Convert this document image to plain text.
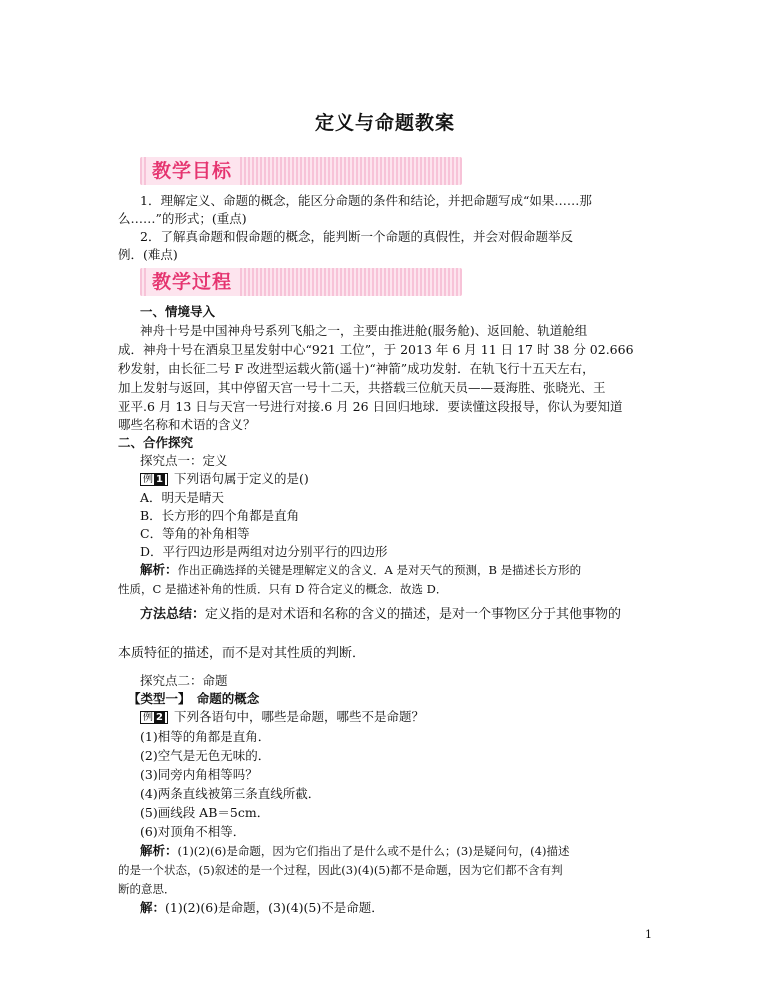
定义与命题教案
教学目标
1．理解定义、命题的概念，能区分命题的条件和结论，并把命题写成“如果……那
么……”的形式；(重点)
2．了解真命题和假命题的概念，能判断一个命题的真假性，并会对假命题举反
例．(难点)
教学过程
一、情境导入
神舟十号是中国神舟号系列飞船之一，主要由推进舱(服务舱)、返回舱、轨道舱组
成．神舟十号在酒泉卫星发射中心“921 工位”，于 2013 年 6 月 11 日 17 时 38 分 02.666
秒发射，由长征二号 F 改进型运载火箭(遥十)“神箭”成功发射．在轨飞行十五天左右，
加上发射与返回，其中停留天宫一号十二天，共搭载三位航天员——聂海胜、张晓光、王
亚平.6 月 13 日与天宫一号进行对接.6 月 26 日回归地球．要读懂这段报导，你认为要知道
哪些名称和术语的含义？
二、合作探究
探究点一：定义
例 1 下列语句属于定义的是()
A．明天是晴天
B．长方形的四个角都是直角
C．等角的补角相等
D．平行四边形是两组对边分别平行的四边形
解析：作出正确选择的关键是理解定义的含义．A 是对天气的预测，B 是描述长方形的
性质，C 是描述补角的性质．只有 D 符合定义的概念．故选 D．
方法总结：定义指的是对术语和名称的含义的描述，是对一个事物区分于其他事物的
本质特征的描述，而不是对其性质的判断．
探究点二：命题
【类型一】　命题的概念
例 2 下列各语句中，哪些是命题，哪些不是命题？
(1)相等的角都是直角．
(2)空气是无色无味的．
(3)同旁内角相等吗？
(4)两条直线被第三条直线所截．
(5)画线段 AB＝5cm．
(6)对顶角不相等．
解析：(1)(2)(6)是命题，因为它们指出了是什么或不是什么；(3)是疑问句，(4)描述
的是一个状态，(5)叙述的是一个过程，因此(3)(4)(5)都不是命题，因为它们都不含有判
断的意思．
解：(1)(2)(6)是命题，(3)(4)(5)不是命题．
1
